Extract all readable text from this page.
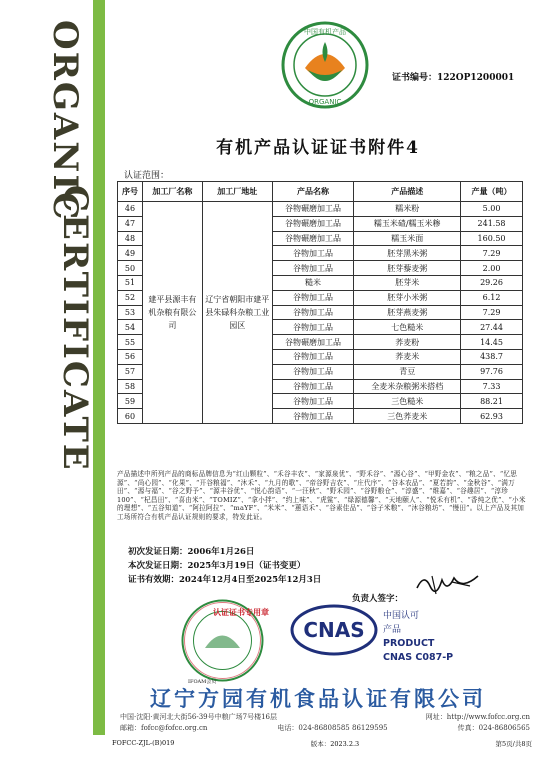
ORGANIC
CERTIFICATE
中国有机产品
ORGANIC
证书编号：122OP1200001
有机产品认证证书附件4
认证范围：
序号	加工厂名称	加工厂地址	产品名称	产品描述	产量（吨）
46	建平县源丰有机杂粮有限公司	辽宁省朝阳市建平县朱碌科杂粮工业园区	谷物碾磨加工品	糯米粉	5.00
47			谷物碾磨加工品	糯玉米碴/糯玉米糁	241.58
48			谷物碾磨加工品	糯玉米面	160.50
49			谷物加工品	胚芽黑米粥	7.29
50			谷物加工品	胚芽藜麦粥	2.00
51			糙米	胚芽米	29.26
52			谷物加工品	胚芽小米粥	6.12
53			谷物加工品	胚芽燕麦粥	7.29
54			谷物加工品	七色糙米	27.44
55			谷物碾磨加工品	荞麦粉	14.45
56			谷物加工品	荞麦米	438.7
57			谷物加工品	青豆	97.76
58			谷物加工品	全麦米杂粮粥米搭档	7.33
59			谷物加工品	三色糙米	88.21
60			谷物加工品	三色荞麦米	62.93
产品描述中所列产品的商标品牌信息为“红山颗粒”、“禾谷丰农”、“家源泉优”、“野禾谷”、“源心谷”、“甲野金农”、“粮之品”、“忆思源”、“尚心园”、“化果”、“开谷粮福”、“沐禾”、“九月的歌”、“帝谷野吉农”、“庄代序”、“谷本农品”、“夏若韵”、“金秋谷”、“满万田”、“源与福”、“谷之野予”、“源丰谷优”、“悦心韵语”、“一汪秋”、“野禾园”、“谷野粮仓”、“淳盛”、“维嘉”、“谷趣居”、“淳珍100”、“杞昌田”、“喜由米”、“TOMIZ”、“拿小拌”、“约上味”、“虎鲨”、“绿源德馨”、“天地颐人”、“悦禾有机”、“香纯之优”、“小米的理想”、“五谷知道”、“阿拉阿拉”、“maYF”、“米米”、“蕙语禾”、“谷素佳品”、“谷子米粮”、“沐谷粮坊”、“慢田”。以上产品及其加工场所符合有机产品认证规则的要求，特发此证。
初次发证日期：2006年1月26日
本次发证日期：2025年3月19日（证书变更）
证书有效期：2024年12月4日至2025年12月3日
负责人签字：
认证证书专用章
IFOAM会员
CNAS
中国认可
产品
PRODUCT
CNAS C087-P
辽宁方园有机食品认证有限公司
中国·沈阳·黄河北大街56-39号中粮广场7号楼16层	网址：http://www.fofcc.org.cn
邮箱：fofcc@fofcc.org.cn	电话：024-86808585 86129595	传真：024-86806565
FOFCC-ZJL-(B)019	版本：2023.2.3	第5页/共8页
